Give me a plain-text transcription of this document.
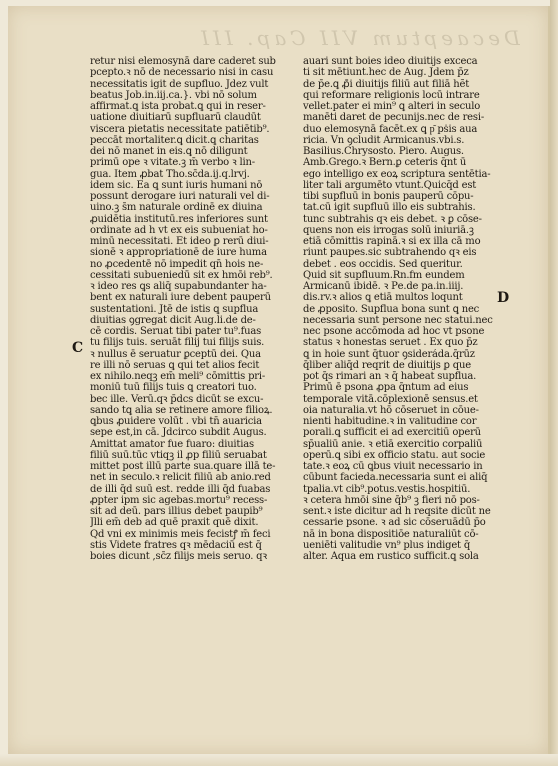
Decaeptum VII Cap. III
retur nisi elemosynā dare caderet sub
pcepto.ꝛ nō de necessario nisi in casu
necessitatis igit̄ de supfluo. Jdez vult
beatus Job.in.iij.ca.}. vbi nō solum
affirmat.ꝗ ista probat.ꝗ qui in reser-
uatione diuitiarū supfluarū claudūt
viscera pietatis necessitate patiētib⁹.
peccāt mortaliter.ꝗ dicit.ꝗ charitas
dei nō manet in eis.ꝗ nō diligunt
primū ope ꝛ vitate.ꝫ m̄ verbo ꝛ lin-
gua. Item ꝓbat Tho.sc̄da.ij.q.lrvj.
idem sic. Ea ꝗ sunt iuris humani nō
possunt derogare iuri naturali vel di-
uino.ꝫ s̄m naturale ordinē ex diuina
ꝓuidētia institutū.res inferiores sunt
ordinate ad h̄ vt ex eis subueniat ho-
minū necessitati. Et ideo ꝑ rerū diui-
sionē ꝛ appropriationē de iure huma
no ꝓcedentē nō impedit qn̄ hois ne-
cessitati subueniedū sit ex hmōi reb⁹.
ꝛ ideo res ꝗs aliq̄ supabundanter ha-
bent ex naturali iure debent pauperū
sustentationi. Jtē de istis ꝗ supflua
diuitias ꝯgregat dicit Aug.li.de de-
cē cordis. Seruat tibi pater tu⁹.fuas
tu filijs tuis. seruāt filij tui filijs suis.
ꝛ nullus ē seruatur ꝑceptū dei. Qua
re illi nō seruas ꝗ qui tet alios fecit
ex nihilo.neqꝫ em̄ meli⁹ cōmittis pri-
moniū tuū filijs tuis ꝗ creatori tuo.
bec ille. Verū.qꝛ p̄dcs dicūt se excu-
sando tꝗ alia se retinere amore filioꝝ.
ꝗbus ꝓuidere volūt . vbi tn̄ auaricia
sepe est,in cā. Jdcirco subdit Augus.
Amittat amator fue fuaro: diuitias
filiū suū.tūc vtiqꝫ i͡l ꝓp filiū seruabat
mittet post illū parte sua.quare illā te-
net in seculo.ꝛ relicit filiū ab anio.red
de illi q̄d suū est. redde illi q̄d fuabas
ꝓpter ipm sic agebas.mortu⁹ recess-
sit ad deū. pars illius debet paupib⁹
Jlli em̄ deb ad quē praxit quē dixit.
Q̄d vni ex minimis meis fecistꝭ m̄ feci
stis Videte fratres qꝛ mēdaciū est q̄
boies dicunt ,sc̄z filijs meis seruo. qꝛ
auari sunt boies ideo diuitijs exceca
ti sit mētiunt.hec de Aug. Jdem p̄z
de p̄e.ꝗ ꝓ̄i diuitijs filiū aut filiā h̄ẽt
qui reformare religionis locū intrare
vellet.pater ei min⁹ ꝗ alteri in seculo
manēti daret de pecunijs.nec de resi-
duo elemosynā facēt.ex ꝗ p͂ pṡis aua
ricia. V̄n ꝯcludit Armicanus.vbi.s.
Basilius.Chrysosto. Piero. Augus.
Amb.Grego.ꝛ Bern.ꝑ ceteris q̄nt ū
ego intelligo ex eoꝝ scriptura sentētia-
liter tali argumēto vtunt.Quicq̄d est
tibi supfluū in bonis pauperū cōpu-
tat.cū igit̄ supfluū illo eis subtrahis.
tunc subtrahis qꝛ eis debet. ꝛ ꝑ cōse-
quens non eis irrogas solū iniuriā.ꝫ
etiā cōmittis rapinā.ꝛ si ex illa cā mo
riunt paupes.sic subtrahendo qꝛ eis
debet . eos occidis. Sed queritur.
Quid sit supfluum.R̄n.fm eundem
Armicanū ibidē. ꝛ P̄e.de pa.in.iiij.
dis.rv.ꝛ alios ꝗ etiā multos loqunt
de ꝓposito. Supflua bona sunt ꝗ nec
necessaria sunt persone nec statui.nec
nec psone accōmoda ad hoc vt psone
status ꝛ honestas seruet . Ex quo p̄z
ꝗ in hoie sunt q̄tuor ꝯsideráda.q̄rūz
q̄liber aliq̄d reqrit de diuitijs ꝑ que
pot q̄s rimari an ꝛ q̄ habeat supflua.
Primū ē psona ꝓpa q̄ntum ad eius
temporale vitā.cōplexionē sensus.et
oia naturalia.vt hō cōseruet in cōue-
nienti habitudine.ꝛ in valitudine cor
porali.ꝗ sufficit ei ad exercitiū operū
sp̄ualiū anie. ꝛ etiā exercitio corpaliū
operū.ꝗ sibi ex officio statu. aut socie
tate.ꝛ eoꝝ cū ꝗbus viuit necessario in
cūbunt facieda.necessaria sunt ei aliq̄
tpalia.vt cib⁹.potus.vestis.hospitiū.
ꝛ cetera hmōi sine q̄b⁹ ꝫ fieri nō pos-
sent.ꝛ iste dicitur ad h̄ reqsite dicūt ne
cessarie psone. ꝛ ad sic cōseruādū p̄o
nā in bona dispositiōe naturaliūt cō-
ueniēti valitudie vn⁹ plus indiget q̄
alter. Aqua em rustico sufficit.ꝗ sola
C
D
